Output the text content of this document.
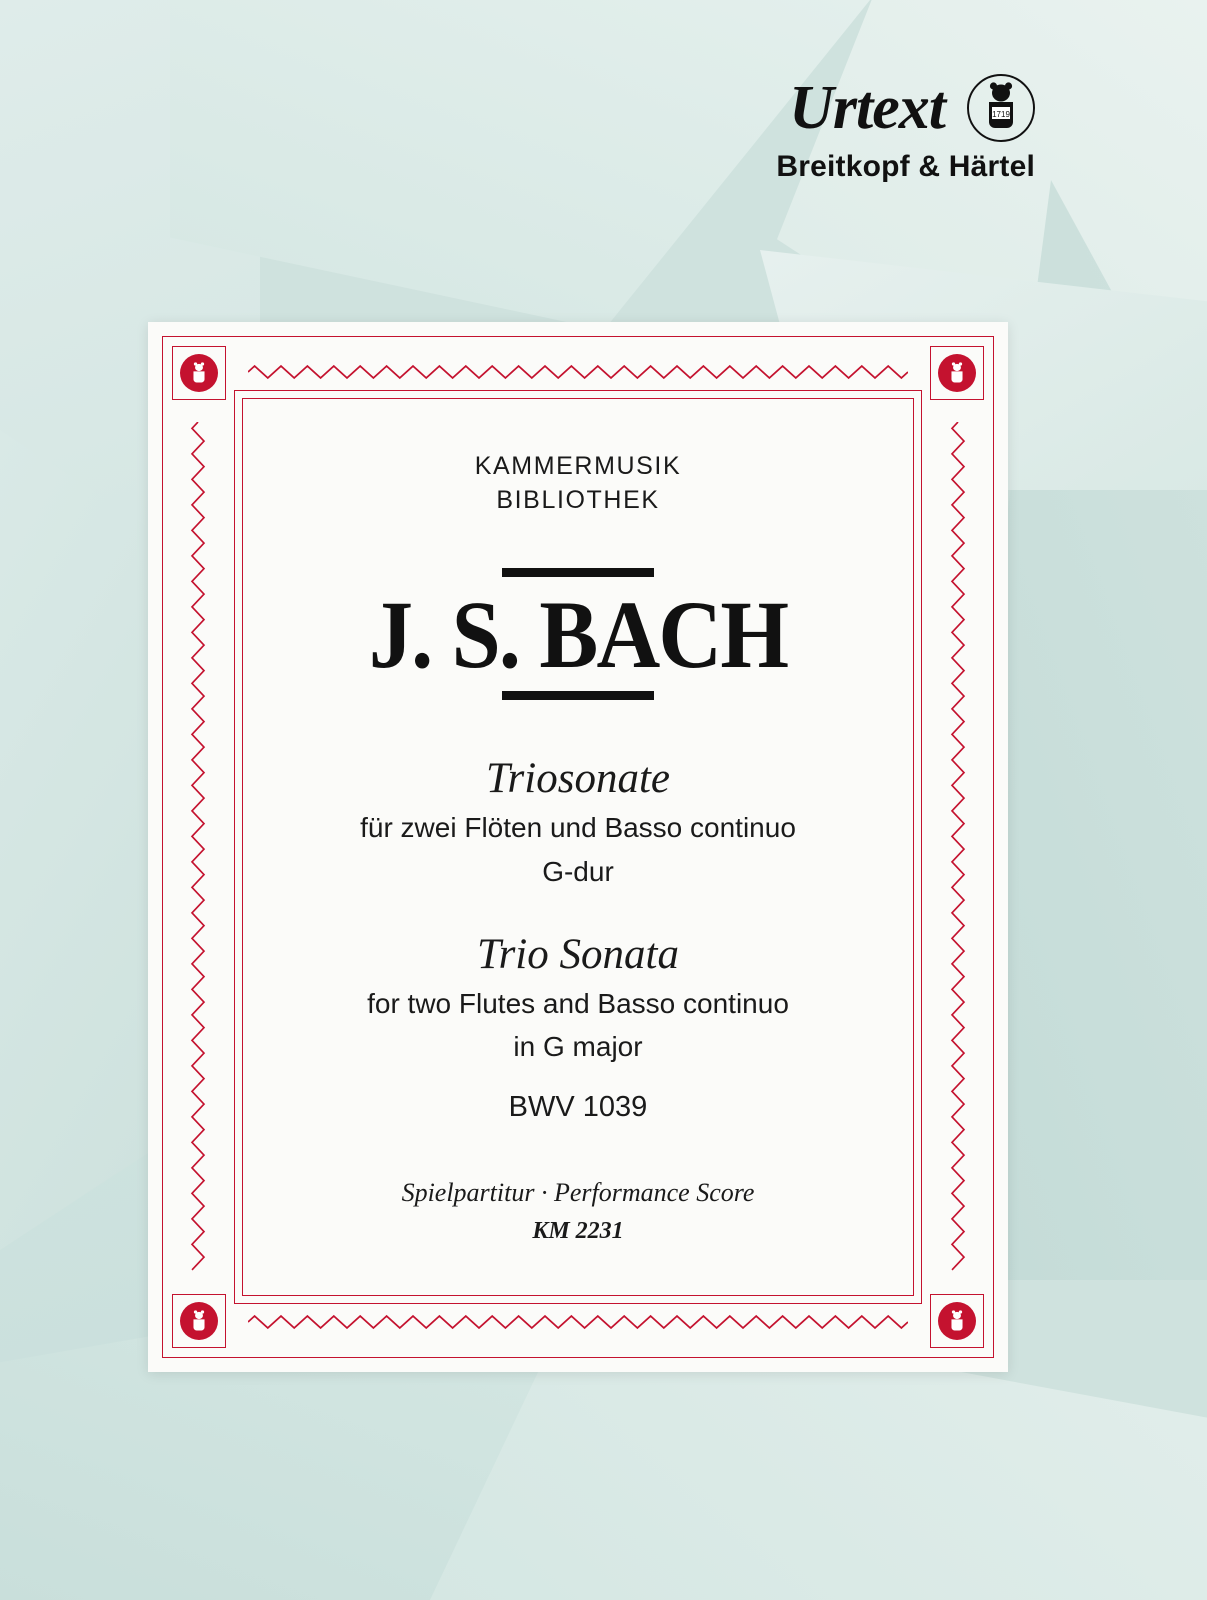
Urtext	1719
Breitkopf & Härtel
KAMMERMUSIK
BIBLIOTHEK
J. S. BACH
Triosonate
für zwei Flöten und Basso continuo
G-dur
Trio Sonata
for two Flutes and Basso continuo
in G major
BWV 1039
Spielpartitur · Performance Score
KM 2231
